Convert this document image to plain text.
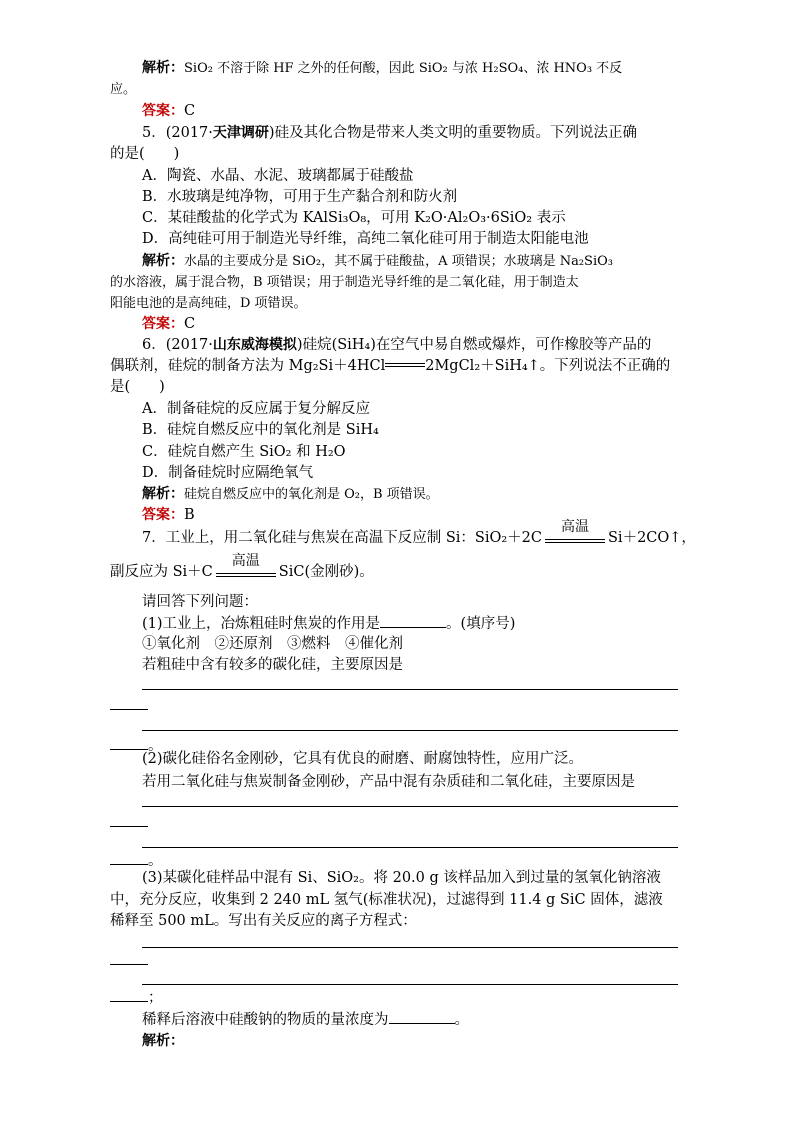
解析：SiO₂ 不溶于除 HF 之外的任何酸，因此 SiO₂ 与浓 H₂SO₄、浓 HNO₃ 不反
应。
答案：C
5．(2017·天津调研)硅及其化合物是带来人类文明的重要物质。下列说法正确
的是(　　)
A．陶瓷、水晶、水泥、玻璃都属于硅酸盐
B．水玻璃是纯净物，可用于生产黏合剂和防火剂
C．某硅酸盐的化学式为 KAlSi₃O₈，可用 K₂O·Al₂O₃·6SiO₂ 表示
D．高纯硅可用于制造光导纤维，高纯二氧化硅可用于制造太阳能电池
解析：水晶的主要成分是 SiO₂，其不属于硅酸盐，A 项错误；水玻璃是 Na₂SiO₃
的水溶液，属于混合物，B 项错误；用于制造光导纤维的是二氧化硅，用于制造太
阳能电池的是高纯硅，D 项错误。
答案：C
6．(2017·山东威海模拟)硅烷(SiH₄)在空气中易自燃或爆炸，可作橡胶等产品的
偶联剂，硅烷的制备方法为 Mg₂Si＋4HCl	2MgCl₂＋SiH₄↑。下列说法不正确的
是(　　)
A．制备硅烷的反应属于复分解反应
B．硅烷自燃反应中的氧化剂是 SiH₄
C．硅烷自燃产生 SiO₂ 和 H₂O
D．制备硅烷时应隔绝氧气
解析：硅烷自燃反应中的氧化剂是 O₂，B 项错误。
答案：B
7．工业上，用二氧化硅与焦炭在高温下反应制 Si：SiO₂＋2C
高温
Si＋2CO↑，
副反应为 Si＋C
高温
SiC(金刚砂)。
请回答下列问题：
(1)工业上，冶炼粗硅时焦炭的作用是	。(填序号)
①氧化剂　②还原剂　③燃料　④催化剂
若粗硅中含有较多的碳化硅，主要原因是
。
(2)碳化硅俗名金刚砂，它具有优良的耐磨、耐腐蚀特性，应用广泛。
若用二氧化硅与焦炭制备金刚砂，产品中混有杂质硅和二氧化硅，主要原因是
。
(3)某碳化硅样品中混有 Si、SiO₂。将 20.0 g 该样品加入到过量的氢氧化钠溶液
中，充分反应，收集到 2 240 mL 氢气(标准状况)，过滤得到 11.4 g SiC 固体，滤液
稀释至 500 mL。写出有关反应的离子方程式：
；
稀释后溶液中硅酸钠的物质的量浓度为	。
解析：
